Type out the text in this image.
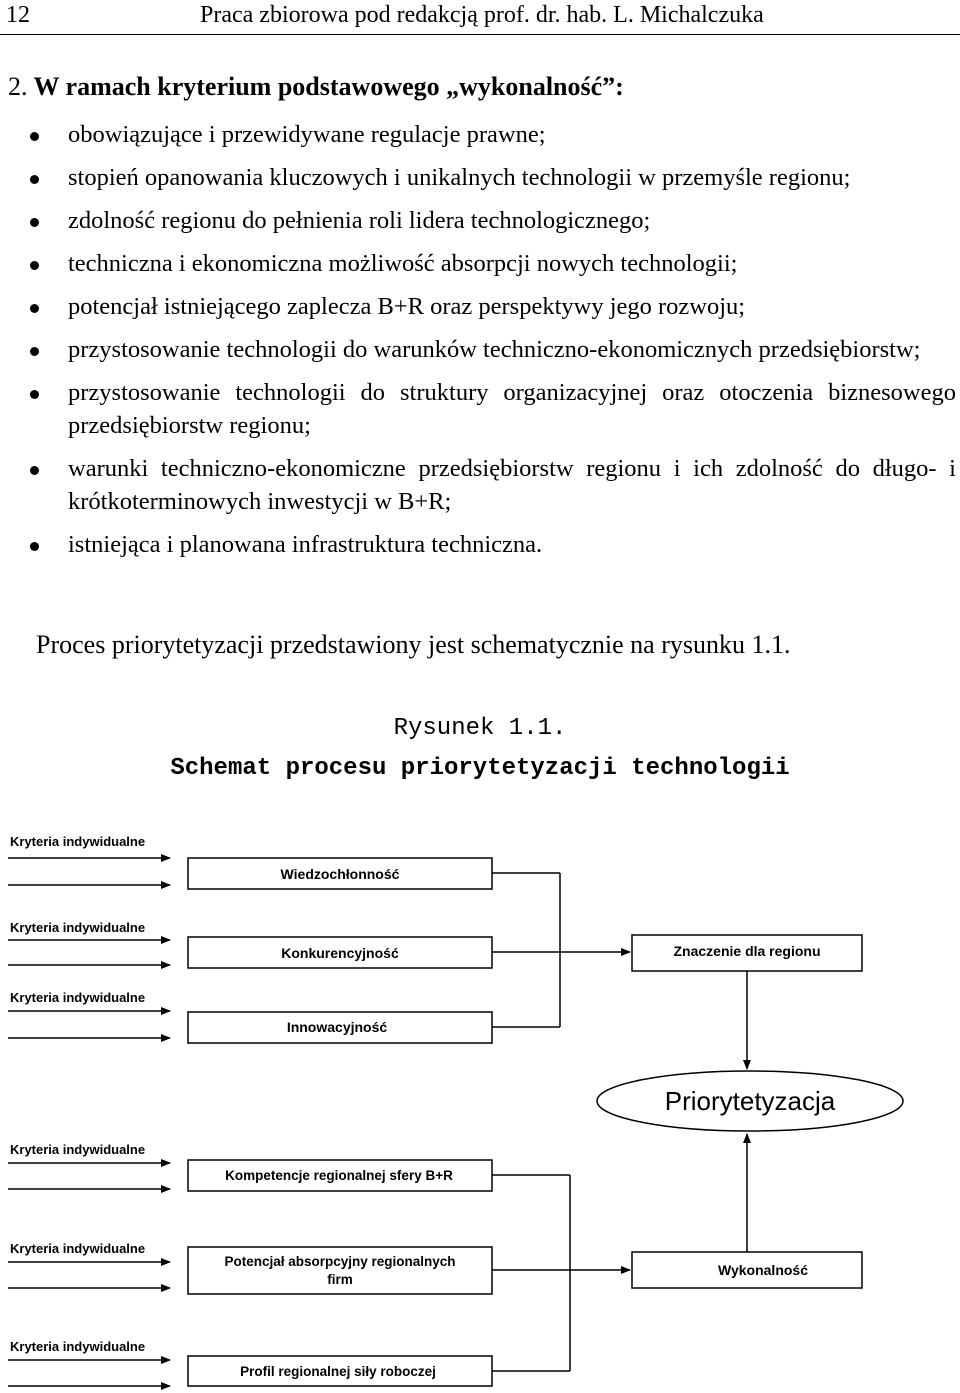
12	Praca zbiorowa pod redakcją prof. dr. hab. L. Michalczuka
2. W ramach kryterium podstawowego „wykonalność”:
obowiązujące i przewidywane regulacje prawne;
stopień opanowania kluczowych i unikalnych technologii w przemyśle regionu;
zdolność regionu do pełnienia roli lidera technologicznego;
techniczna i ekonomiczna możliwość absorpcji nowych technologii;
potencjał istniejącego zaplecza B+R oraz perspektywy jego rozwoju;
przystosowanie technologii do warunków techniczno-ekonomicznych przedsiębiorstw;
przystosowanie technologii do struktury organizacyjnej oraz otoczenia biznesowego przedsiębiorstw regionu;
warunki techniczno-ekonomiczne przedsiębiorstw regionu i ich zdolność do długo- i krótkoterminowych inwestycji w B+R;
istniejąca i planowana infrastruktura techniczna.
Proces priorytetyzacji przedstawiony jest schematycznie na rysunku 1.1.
Rysunek 1.1.
Schemat procesu priorytetyzacji technologii
Kryteria indywidualne
Kryteria indywidualne
Kryteria indywidualne
Kryteria indywidualne
Kryteria indywidualne
Kryteria indywidualne
Wiedzochłonność
Konkurencyjność
Innowacyjność
Kompetencje regionalnej sfery B+R
Potencjał absorpcyjny regionalnych
firm
Profil regionalnej siły roboczej
Znaczenie dla regionu
Wykonalność
Priorytetyzacja
